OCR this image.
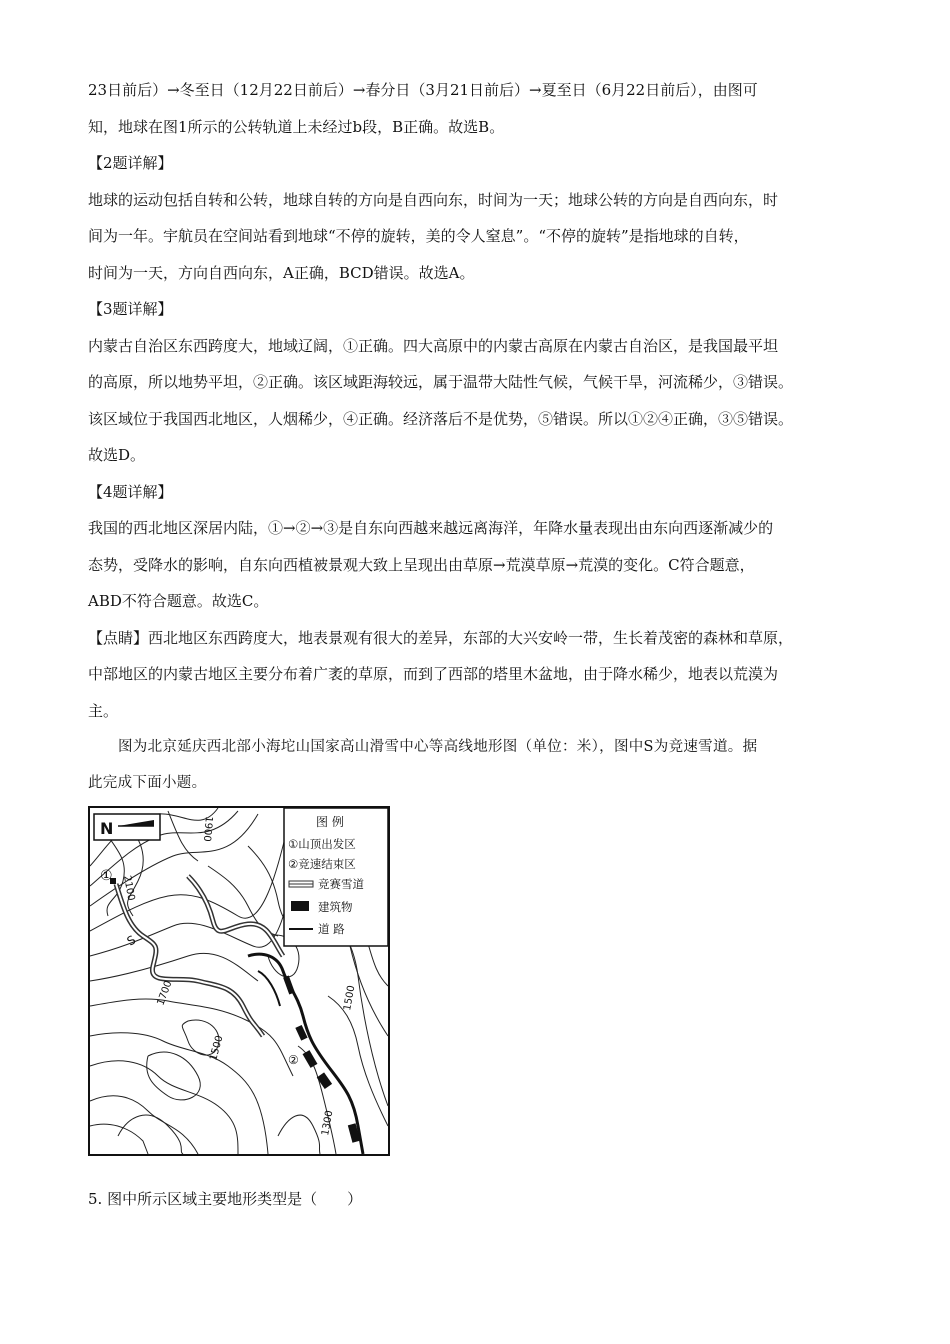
23日前后）→冬至日（12月22日前后）→春分日（3月21日前后）→夏至日（6月22日前后），由图可

知，地球在图1所示的公转轨道上未经过b段，B正确。故选B。

【2题详解】

地球的运动包括自转和公转，地球自转的方向是自西向东，时间为一天；地球公转的方向是自西向东，时

间为一年。宇航员在空间站看到地球“不停的旋转，美的令人窒息”。“不停的旋转”是指地球的自转，

时间为一天，方向自西向东，A正确，BCD错误。故选A。

【3题详解】

内蒙古自治区东西跨度大，地域辽阔，①正确。四大高原中的内蒙古高原在内蒙古自治区，是我国最平坦

的高原，所以地势平坦，②正确。该区域距海较远，属于温带大陆性气候，气候干旱，河流稀少，③错误。

该区域位于我国西北地区，人烟稀少，④正确。经济落后不是优势，⑤错误。所以①②④正确，③⑤错误。

故选D。

【4题详解】

我国的西北地区深居内陆，①→②→③是自东向西越来越远离海洋，年降水量表现出由东向西逐渐减少的

态势，受降水的影响，自东向西植被景观大致上呈现出由草原→荒漠草原→荒漠的变化。C符合题意，

ABD不符合题意。故选C。

【点睛】西北地区东西跨度大，地表景观有很大的差异，东部的大兴安岭一带，生长着茂密的森林和草原，

中部地区的内蒙古地区主要分布着广袤的草原，而到了西部的塔里木盆地，由于降水稀少，地表以荒漠为

主。

图为北京延庆西北部小海坨山国家高山滑雪中心等高线地形图（单位：米），图中S为竞速雪道。据

此完成下面小题。

N	图 例
①山顶出发区
②竞速结束区
竞赛雪道
建筑物
道 路
2100
1900
1700
1500
1500
1300
①
②
S

5. 图中所示区域主要地形类型是（　　）
